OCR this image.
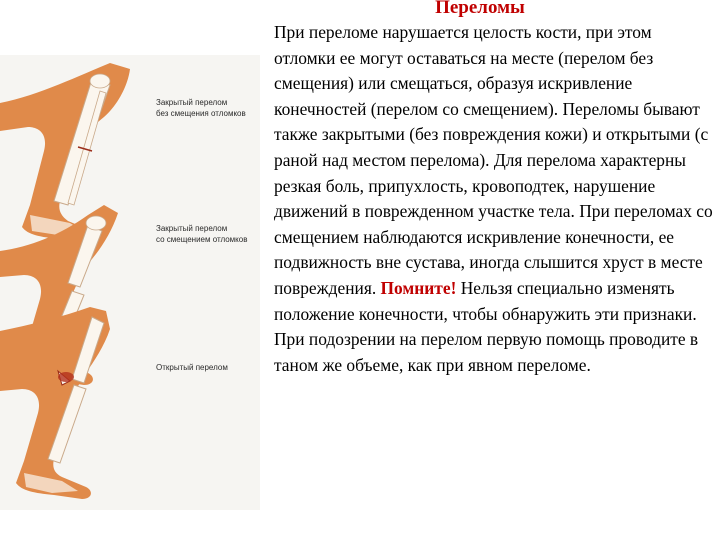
Переломы
Закрытый перелом
без смещения отломков
Закрытый перелом
со смещением отломков
Открытый перелом
При переломе нарушается целость кости, при этом отломки ее могут оставаться на месте (перелом без смещения) или смещаться, образуя искривление конечностей (перелом со смещением). Переломы бывают также закрытыми (без повреждения кожи) и открытыми (с раной над местом перелома). Для перелома характерны резкая боль, припухлость, кровоподтек, нарушение движений в поврежденном участке тела. При переломах со смещением наблюдаются искривление конечности, ее подвижность вне сустава, иногда слышится хруст в месте повреждения. Помните! Нельзя специально изменять положение конечности, чтобы обнаружить эти признаки. При подозрении на перелом первую помощь проводите в таном же объеме, как при явном переломе.
